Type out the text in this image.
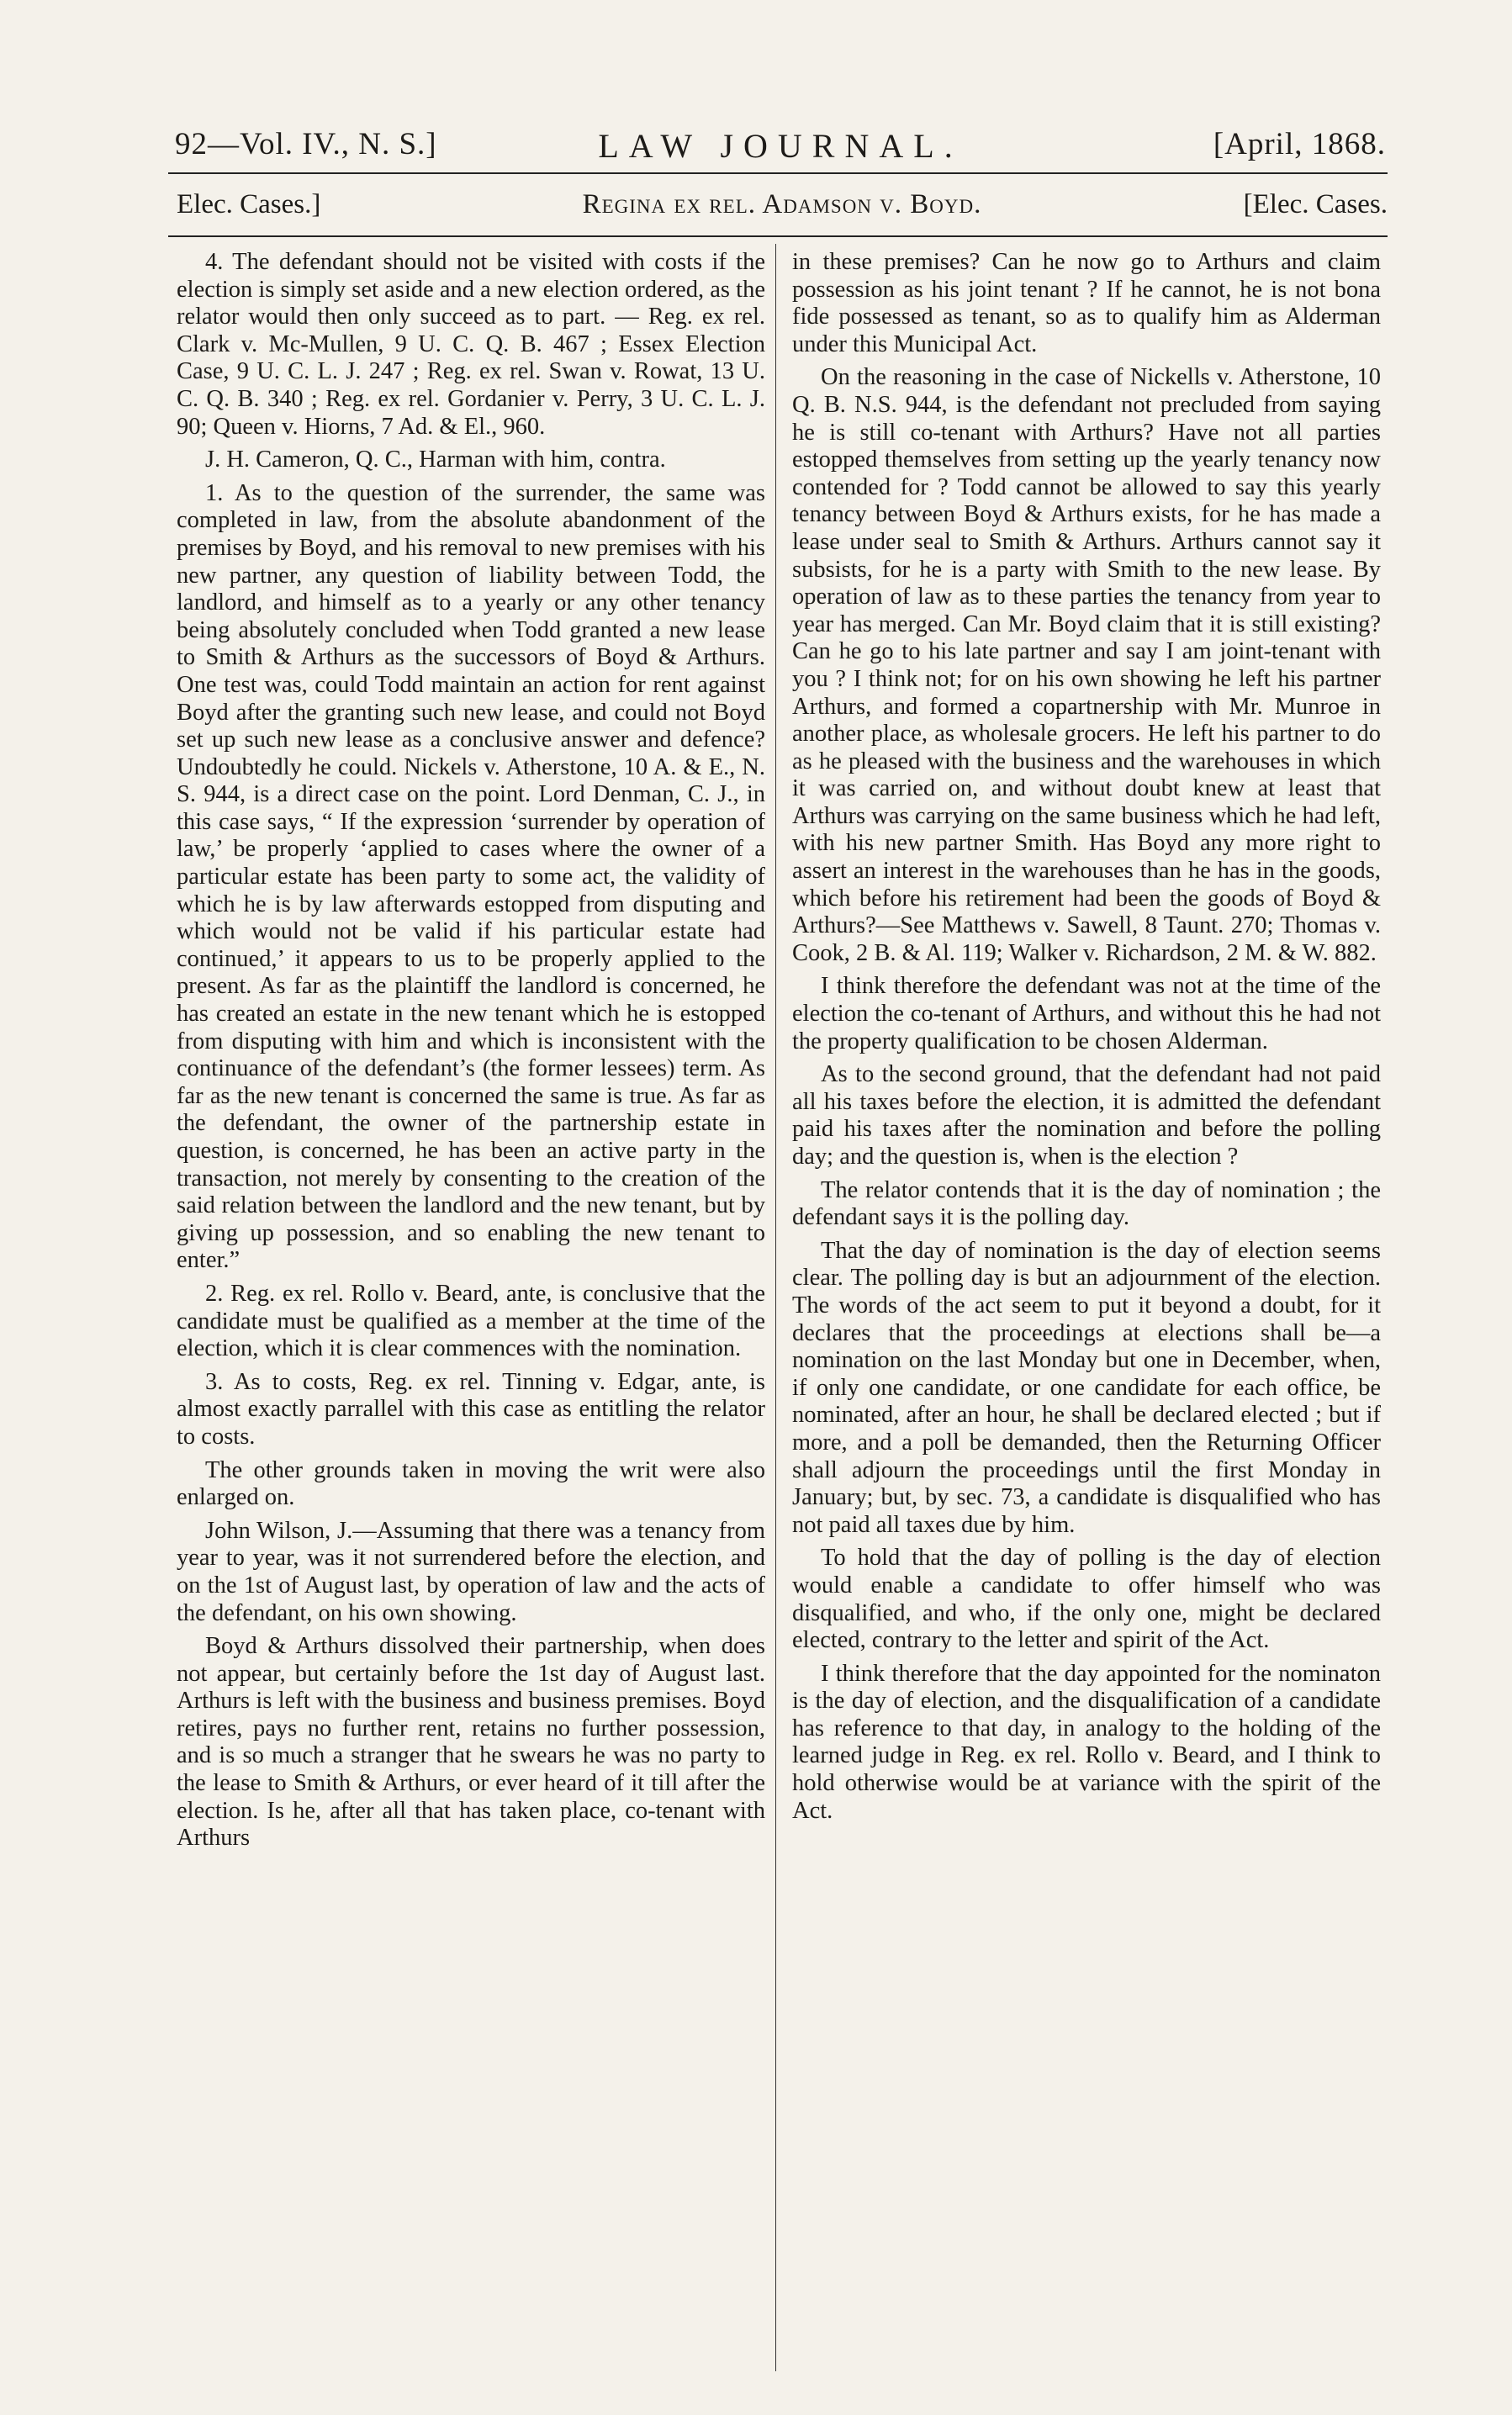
92—Vol. IV., N. S.]	LAW JOURNAL.	[April, 1868.
Elec. Cases.]	Regina ex rel. Adamson v. Boyd.	[Elec. Cases.

4. The defendant should not be visited with costs if the election is simply set aside and a new election ordered, as the relator would then only succeed as to part. — Reg. ex rel. Clark v. Mc-Mullen, 9 U. C. Q. B. 467 ; Essex Election Case, 9 U. C. L. J. 247 ; Reg. ex rel. Swan v. Rowat, 13 U. C. Q. B. 340 ; Reg. ex rel. Gordanier v. Perry, 3 U. C. L. J. 90; Queen v. Hiorns, 7 Ad. & El., 960.

J. H. Cameron, Q. C., Harman with him, contra.

1. As to the question of the surrender, the same was completed in law, from the absolute abandonment of the premises by Boyd, and his removal to new premises with his new partner, any question of liability between Todd, the landlord, and himself as to a yearly or any other tenancy being absolutely concluded when Todd granted a new lease to Smith & Arthurs as the successors of Boyd & Arthurs. One test was, could Todd maintain an action for rent against Boyd after the granting such new lease, and could not Boyd set up such new lease as a conclusive answer and defence? Undoubtedly he could. Nickels v. Atherstone, 10 A. & E., N. S. 944, is a direct case on the point. Lord Denman, C. J., in this case says, “ If the expression ‘surrender by operation of law,’ be properly ‘applied to cases where the owner of a particular estate has been party to some act, the validity of which he is by law afterwards estopped from disputing and which would not be valid if his particular estate had continued,’ it appears to us to be properly applied to the present. As far as the plaintiff the landlord is concerned, he has created an estate in the new tenant which he is estopped from disputing with him and which is inconsistent with the continuance of the defendant’s (the former lessees) term. As far as the new tenant is concerned the same is true. As far as the defendant, the owner of the partnership estate in question, is concerned, he has been an active party in the transaction, not merely by consenting to the creation of the said relation between the landlord and the new tenant, but by giving up possession, and so enabling the new tenant to enter.”

2. Reg. ex rel. Rollo v. Beard, ante, is conclusive that the candidate must be qualified as a member at the time of the election, which it is clear commences with the nomination.

3. As to costs, Reg. ex rel. Tinning v. Edgar, ante, is almost exactly parrallel with this case as entitling the relator to costs.

The other grounds taken in moving the writ were also enlarged on.

John Wilson, J.—Assuming that there was a tenancy from year to year, was it not surrendered before the election, and on the 1st of August last, by operation of law and the acts of the defendant, on his own showing.

Boyd & Arthurs dissolved their partnership, when does not appear, but certainly before the 1st day of August last. Arthurs is left with the business and business premises. Boyd retires, pays no further rent, retains no further possession, and is so much a stranger that he swears he was no party to the lease to Smith & Arthurs, or ever heard of it till after the election. Is he, after all that has taken place, co-tenant with Arthurs

in these premises? Can he now go to Arthurs and claim possession as his joint tenant ? If he cannot, he is not bona fide possessed as tenant, so as to qualify him as Alderman under this Municipal Act.

On the reasoning in the case of Nickells v. Atherstone, 10 Q. B. N.S. 944, is the defendant not precluded from saying he is still co-tenant with Arthurs? Have not all parties estopped themselves from setting up the yearly tenancy now contended for ? Todd cannot be allowed to say this yearly tenancy between Boyd & Arthurs exists, for he has made a lease under seal to Smith & Arthurs. Arthurs cannot say it subsists, for he is a party with Smith to the new lease. By operation of law as to these parties the tenancy from year to year has merged. Can Mr. Boyd claim that it is still existing? Can he go to his late partner and say I am joint-tenant with you ? I think not; for on his own showing he left his partner Arthurs, and formed a copartnership with Mr. Munroe in another place, as wholesale grocers. He left his partner to do as he pleased with the business and the warehouses in which it was carried on, and without doubt knew at least that Arthurs was carrying on the same business which he had left, with his new partner Smith. Has Boyd any more right to assert an interest in the warehouses than he has in the goods, which before his retirement had been the goods of Boyd & Arthurs?—See Matthews v. Sawell, 8 Taunt. 270; Thomas v. Cook, 2 B. & Al. 119; Walker v. Richardson, 2 M. & W. 882.

I think therefore the defendant was not at the time of the election the co-tenant of Arthurs, and without this he had not the property qualification to be chosen Alderman.

As to the second ground, that the defendant had not paid all his taxes before the election, it is admitted the defendant paid his taxes after the nomination and before the polling day; and the question is, when is the election ?

The relator contends that it is the day of nomination ; the defendant says it is the polling day.

That the day of nomination is the day of election seems clear. The polling day is but an adjournment of the election. The words of the act seem to put it beyond a doubt, for it declares that the proceedings at elections shall be—a nomination on the last Monday but one in December, when, if only one candidate, or one candidate for each office, be nominated, after an hour, he shall be declared elected ; but if more, and a poll be demanded, then the Returning Officer shall adjourn the proceedings until the first Monday in January; but, by sec. 73, a candidate is disqualified who has not paid all taxes due by him.

To hold that the day of polling is the day of election would enable a candidate to offer himself who was disqualified, and who, if the only one, might be declared elected, contrary to the letter and spirit of the Act.

I think therefore that the day appointed for the nominaton is the day of election, and the disqualification of a candidate has reference to that day, in analogy to the holding of the learned judge in Reg. ex rel. Rollo v. Beard, and I think to hold otherwise would be at variance with the spirit of the Act.
